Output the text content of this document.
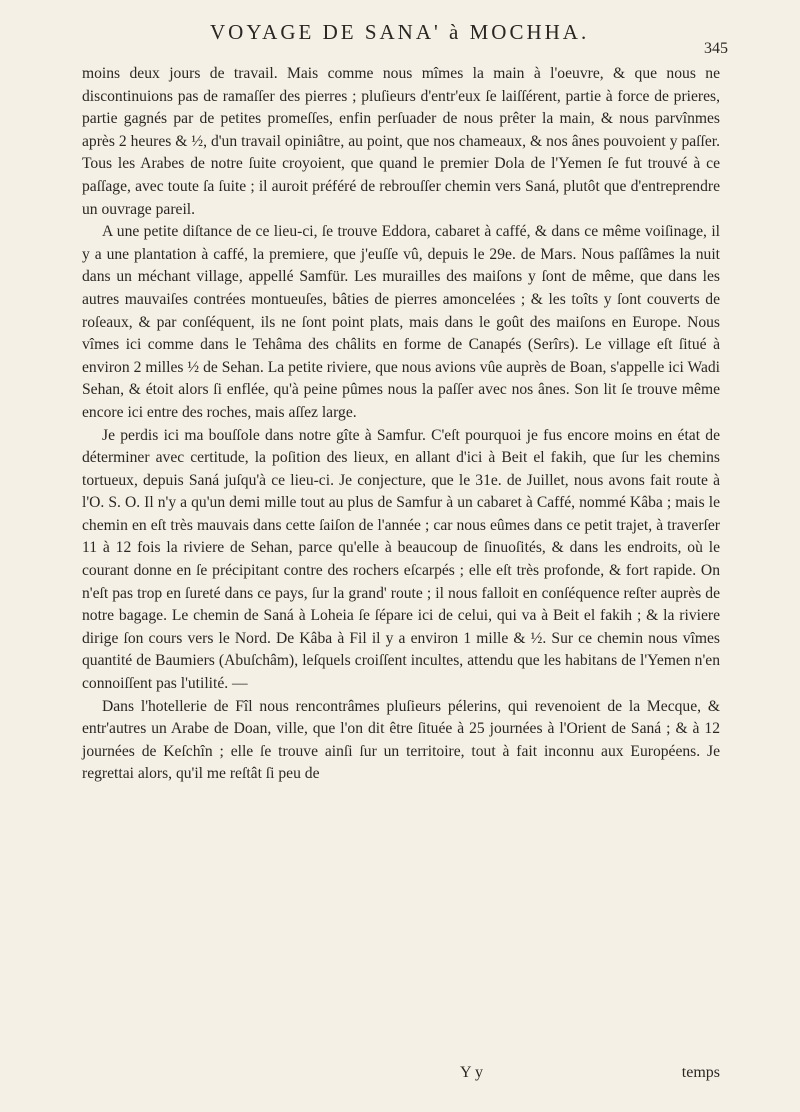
VOYAGE DE SANA' à MOCHHA.
345

moins deux jours de travail. Mais comme nous mîmes la main à l'oeuvre, & que nous ne discontinuions pas de ramaſſer des pierres ; pluſieurs d'entr'eux ſe laiſſérent, partie à force de prieres, partie gagnés par de petites promeſſes, enfin perſuader de nous prêter la main, & nous parvînmes après 2 heures & ½, d'un travail opiniâtre, au point, que nos chameaux, & nos ânes pouvoient y paſſer. Tous les Arabes de notre ſuite croyoient, que quand le premier Dola de l'Yemen ſe fut trouvé à ce paſſage, avec toute ſa ſuite ; il auroit préféré de rebrouſſer chemin vers Saná, plutôt que d'entreprendre un ouvrage pareil.

A une petite diſtance de ce lieu-ci, ſe trouve Eddora, cabaret à caffé, & dans ce même voiſinage, il y a une plantation à caffé, la premiere, que j'euſſe vû, depuis le 29e. de Mars. Nous paſſâmes la nuit dans un méchant village, appellé Samfür. Les murailles des maiſons y ſont de même, que dans les autres mauvaiſes contrées montueuſes, bâties de pierres amoncelées ; & les toîts y ſont couverts de roſeaux, & par conſéquent, ils ne ſont point plats, mais dans le goût des maiſons en Europe. Nous vîmes ici comme dans le Tehâma des châlits en forme de Canapés (Serîrs). Le village eſt ſitué à environ 2 milles ½ de Sehan. La petite riviere, que nous avions vûe auprès de Boan, s'appelle ici Wadi Sehan, & étoit alors ſi enflée, qu'à peine pûmes nous la paſſer avec nos ânes. Son lit ſe trouve même encore ici entre des roches, mais aſſez large.

Je perdis ici ma bouſſole dans notre gîte à Samfur. C'eſt pourquoi je fus encore moins en état de déterminer avec certitude, la poſition des lieux, en allant d'ici à Beit el fakih, que ſur les chemins tortueux, depuis Saná juſqu'à ce lieu-ci. Je conjecture, que le 31e. de Juillet, nous avons fait route à l'O. S. O. Il n'y a qu'un demi mille tout au plus de Samfur à un cabaret à Caffé, nommé Kâba ; mais le chemin en eſt très mauvais dans cette ſaiſon de l'année ; car nous eûmes dans ce petit trajet, à traverſer 11 à 12 fois la riviere de Sehan, parce qu'elle à beaucoup de ſinuoſités, & dans les endroits, où le courant donne en ſe précipitant contre des rochers eſcarpés ; elle eſt très profonde, & fort rapide. On n'eſt pas trop en ſureté dans ce pays, ſur la grand' route ; il nous falloit en conſéquence reſter auprès de notre bagage. Le chemin de Saná à Loheia ſe ſépare ici de celui, qui va à Beit el fakih ; & la riviere dirige ſon cours vers le Nord. De Kâba à Fil il y a environ 1 mille & ½. Sur ce chemin nous vîmes quantité de Baumiers (Abuſchâm), leſquels croiſſent incultes, attendu que les habitans de l'Yemen n'en connoiſſent pas l'utilité. —

Dans l'hotellerie de Fîl nous rencontrâmes pluſieurs pélerins, qui revenoient de la Mecque, & entr'autres un Arabe de Doan, ville, que l'on dit être ſituée à 25 journées à l'Orient de Saná ; & à 12 journées de Keſchîn ; elle ſe trouve ainſi ſur un territoire, tout à fait inconnu aux Européens. Je regrettai alors, qu'il me reſtât ſi peu de

Y y	temps
